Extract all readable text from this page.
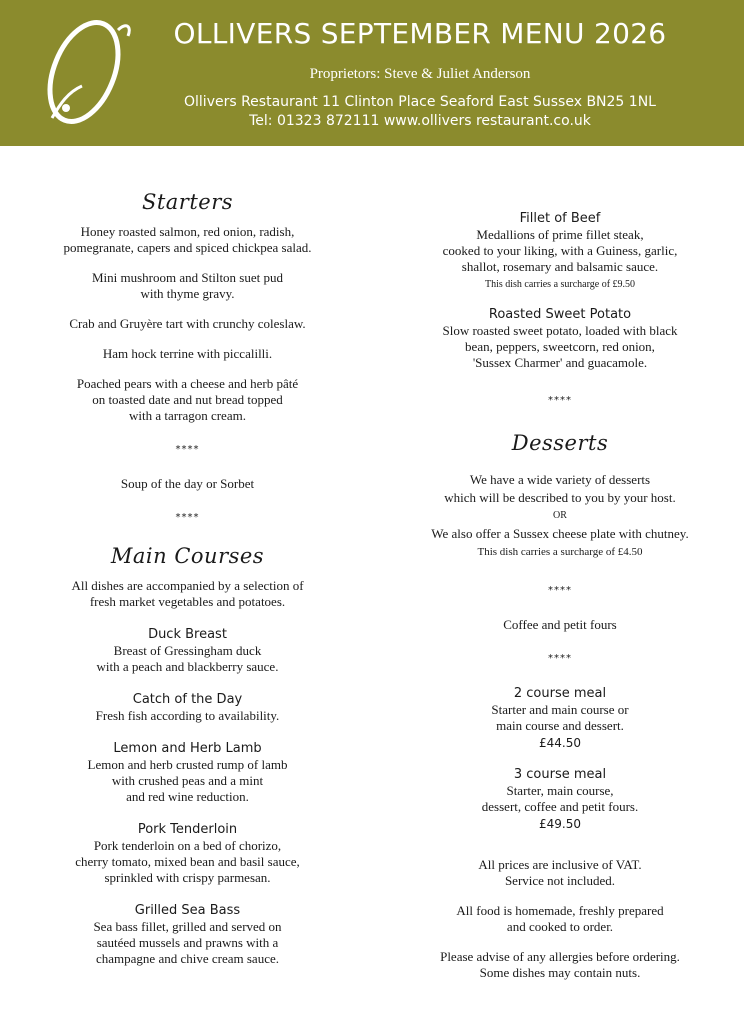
OLLIVERS SEPTEMBER MENU 2026
Proprietors: Steve & Juliet Anderson
Ollivers Restaurant 11 Clinton Place Seaford East Sussex BN25 1NL
Tel: 01323 872111 www.ollivers restaurant.co.uk
Starters

Honey roasted salmon, red onion, radish,
pomegranate, capers and spiced chickpea salad.

Mini mushroom and Stilton suet pud
with thyme gravy.

Crab and Gruyère tart with crunchy coleslaw.

Ham hock terrine with piccalilli.

Poached pears with a cheese and herb pâté
on toasted date and nut bread topped
with a tarragon cream.

****

Soup of the day or Sorbet

****

Main Courses

All dishes are accompanied by a selection of
fresh market vegetables and potatoes.

Duck Breast

Breast of Gressingham duck
with a peach and blackberry sauce.

Catch of the Day

Fresh fish according to availability.

Lemon and Herb Lamb

Lemon and herb crusted rump of lamb
with crushed peas and a mint
and red wine reduction.

Pork Tenderloin

Pork tenderloin on a bed of chorizo,
cherry tomato, mixed bean and basil sauce,
sprinkled with crispy parmesan.

Grilled Sea Bass

Sea bass fillet, grilled and served on
sautéed mussels and prawns with a
champagne and chive cream sauce.

Fillet of Beef

Medallions of prime fillet steak,
cooked to your liking, with a Guiness, garlic,
shallot, rosemary and balsamic sauce.

This dish carries a surcharge of £9.50

Roasted Sweet Potato

Slow roasted sweet potato, loaded with black
bean, peppers, sweetcorn, red onion,
'Sussex Charmer' and guacamole.

****

Desserts

We have a wide variety of desserts
which will be described to you by your host.

OR

We also offer a Sussex cheese plate with chutney.

This dish carries a surcharge of £4.50

****

Coffee and petit fours

****

2 course meal

Starter and main course or
main course and dessert.

£44.50

3 course meal

Starter, main course,
dessert, coffee and petit fours.

£49.50

All prices are inclusive of VAT.
Service not included.

All food is homemade, freshly prepared
and cooked to order.

Please advise of any allergies before ordering.
Some dishes may contain nuts.
